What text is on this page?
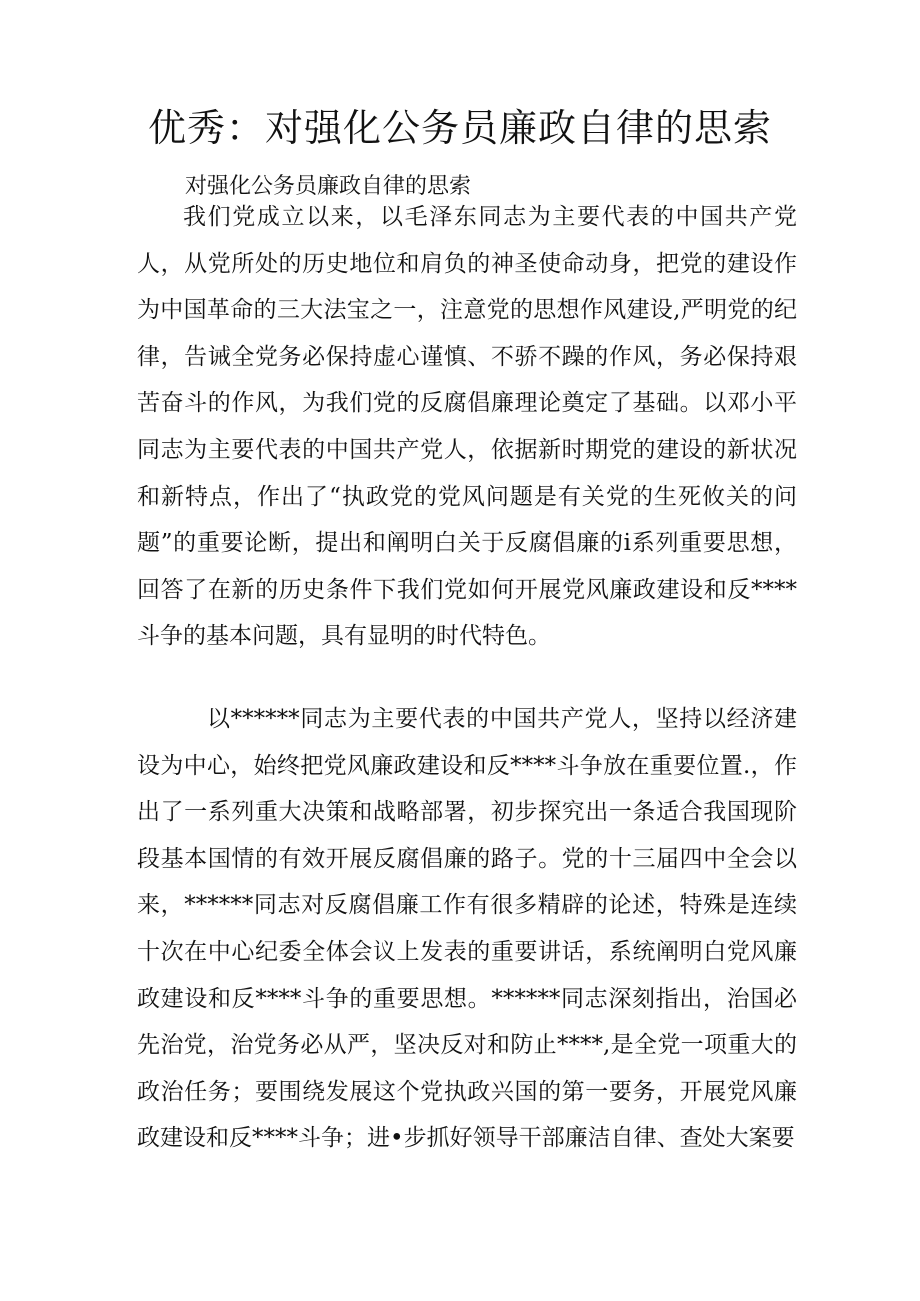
优秀：对强化公务员廉政自律的思索
对强化公务员廉政自律的思索

我们党成立以来，以毛泽东同志为主要代表的中国共产党人，从党所处的历史地位和肩负的神圣使命动身，把党的建设作为中国革命的三大法宝之一，注意党的思想作风建设,严明党的纪律，告诫全党务必保持虚心谨慎、不骄不躁的作风，务必保持艰苦奋斗的作风，为我们党的反腐倡廉理论奠定了基础。以邓小平同志为主要代表的中国共产党人，依据新时期党的建设的新状况和新特点，作出了“执政党的党风问题是有关党的生死攸关的问题”的重要论断，提出和阐明白关于反腐倡廉的i系列重要思想，回答了在新的历史条件下我们党如何开展党风廉政建设和反****斗争的基本问题，具有显明的时代特色。

以******同志为主要代表的中国共产党人，坚持以经济建设为中心，始终把党风廉政建设和反****斗争放在重要位置.，作出了一系列重大决策和战略部署，初步探究出一条适合我国现阶段基本国情的有效开展反腐倡廉的路子。党的十三届四中全会以来，******同志对反腐倡廉工作有很多精辟的论述，特殊是连续十次在中心纪委全体会议上发表的重要讲话，系统阐明白党风廉政建设和反****斗争的重要思想。******同志深刻指出，治国必先治党，治党务必从严，坚决反对和防止****,是全党一项重大的政治任务；要围绕发展这个党执政兴国的第一要务，开展党风廉政建设和反****斗争；进•步抓好领导干部廉洁自律、查处大案要
